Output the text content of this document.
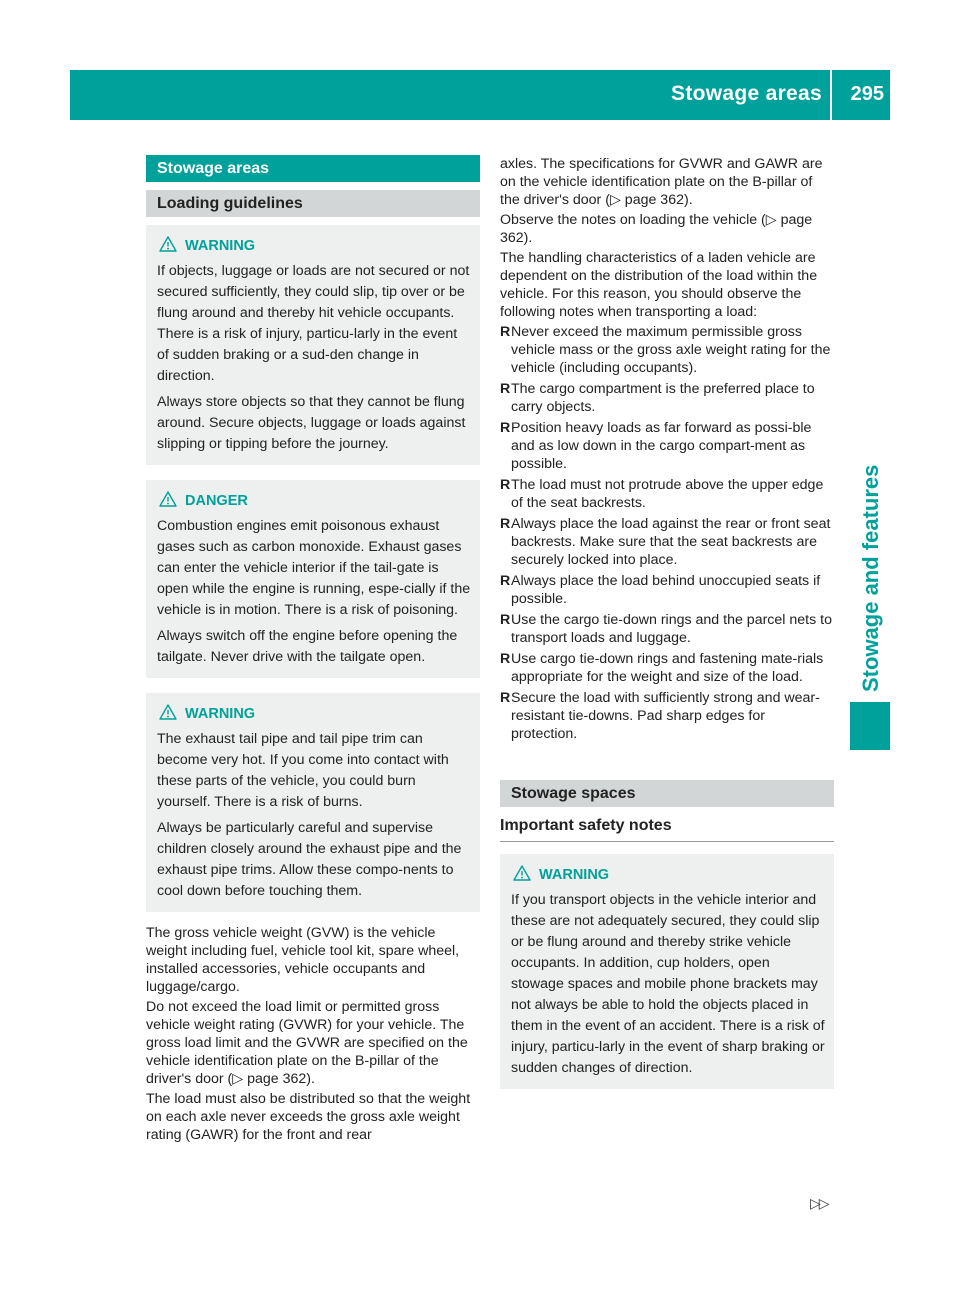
Stowage areas 295
Stowage and features
Stowage areas
Loading guidelines
WARNING

If objects, luggage or loads are not secured or not secured sufficiently, they could slip, tip over or be flung around and thereby hit vehicle occupants. There is a risk of injury, particu-larly in the event of sudden braking or a sud-den change in direction.

Always store objects so that they cannot be flung around. Secure objects, luggage or loads against slipping or tipping before the journey.

DANGER

Combustion engines emit poisonous exhaust gases such as carbon monoxide. Exhaust gases can enter the vehicle interior if the tail-gate is open while the engine is running, espe-cially if the vehicle is in motion. There is a risk of poisoning.

Always switch off the engine before opening the tailgate. Never drive with the tailgate open.

WARNING

The exhaust tail pipe and tail pipe trim can become very hot. If you come into contact with these parts of the vehicle, you could burn yourself. There is a risk of burns.

Always be particularly careful and supervise children closely around the exhaust pipe and the exhaust pipe trims. Allow these compo-nents to cool down before touching them.

The gross vehicle weight (GVW) is the vehicle weight including fuel, vehicle tool kit, spare wheel, installed accessories, vehicle occupants and luggage/cargo.

Do not exceed the load limit or permitted gross vehicle weight rating (GVWR) for your vehicle. The gross load limit and the GVWR are specified on the vehicle identification plate on the B-pillar of the driver's door (▷ page 362).

The load must also be distributed so that the weight on each axle never exceeds the gross axle weight rating (GAWR) for the front and rear

axles. The specifications for GVWR and GAWR are on the vehicle identification plate on the B-pillar of the driver's door (▷ page 362).

Observe the notes on loading the vehicle (▷ page 362).

The handling characteristics of a laden vehicle are dependent on the distribution of the load within the vehicle. For this reason, you should observe the following notes when transporting a load:

R Never exceed the maximum permissible gross vehicle mass or the gross axle weight rating for the vehicle (including occupants).
R The cargo compartment is the preferred place to carry objects.
R Position heavy loads as far forward as possi-ble and as low down in the cargo compart-ment as possible.
R The load must not protrude above the upper edge of the seat backrests.
R Always place the load against the rear or front seat backrests. Make sure that the seat backrests are securely locked into place.
R Always place the load behind unoccupied seats if possible.
R Use the cargo tie-down rings and the parcel nets to transport loads and luggage.
R Use cargo tie-down rings and fastening mate-rials appropriate for the weight and size of the load.
R Secure the load with sufficiently strong and wear-resistant tie-downs. Pad sharp edges for protection.
Stowage spaces
Important safety notes
WARNING

If you transport objects in the vehicle interior and these are not adequately secured, they could slip or be flung around and thereby strike vehicle occupants. In addition, cup holders, open stowage spaces and mobile phone brackets may not always be able to hold the objects placed in them in the event of an accident. There is a risk of injury, particu-larly in the event of sharp braking or sudden changes of direction.

▷▷
